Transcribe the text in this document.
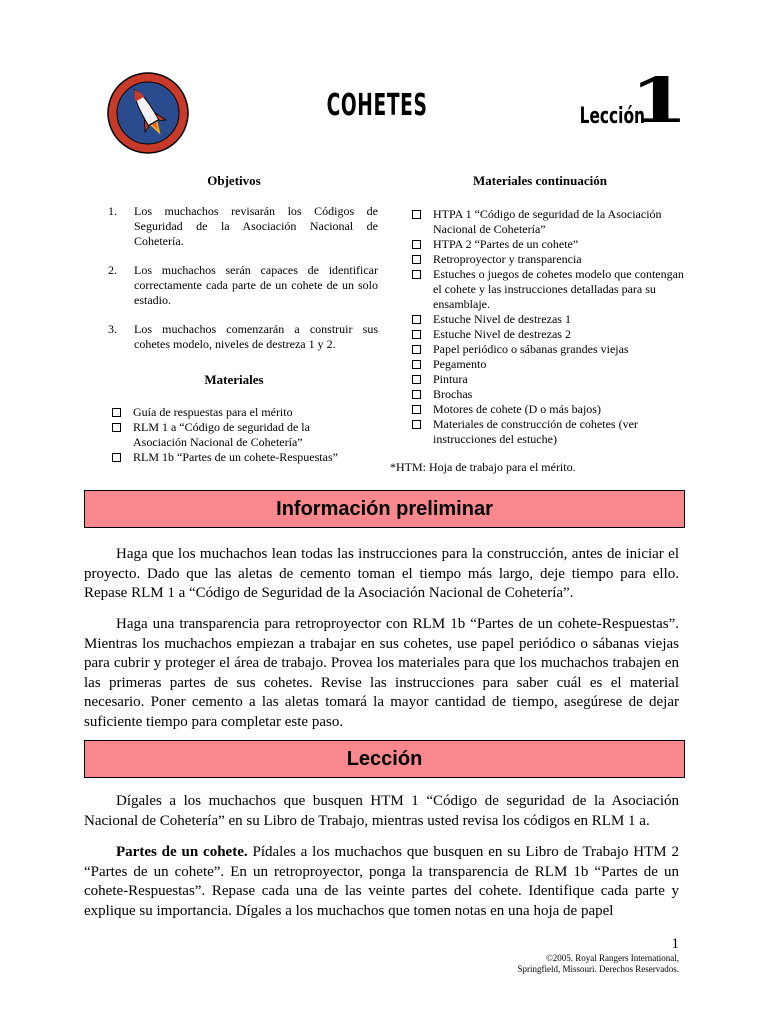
COHETES	Lección
1
Objetivos
1.	Los muchachos revisarán los Códigos de Seguridad de la Asociación Nacional de Cohetería.
2.	Los muchachos serán capaces de identificar correctamente cada parte de un cohete de un solo estadio.
3.	Los muchachos comenzarán a construir sus cohetes modelo, niveles de destreza 1 y 2.
Materiales
Guía de respuestas para el mérito
RLM 1 a “Código de seguridad de la Asociación Nacional de Cohetería”
RLM 1b “Partes de un cohete-Respuestas”
Materiales continuación
HTPA 1 “Código de seguridad de la Asociación Nacional de Cohetería”
HTPA 2 “Partes de un cohete”
Retroproyector y transparencia
Estuches o juegos de cohetes modelo que contengan el cohete y las instrucciones detalladas para su ensamblaje.
Estuche Nivel de destrezas 1
Estuche Nivel de destrezas 2
Papel periódico o sábanas grandes viejas
Pegamento
Pintura
Brochas
Motores de cohete (D o más bajos)
Materiales de construcción de cohetes (ver instrucciones del estuche)
*HTM: Hoja de trabajo para el mérito.
Información preliminar

Haga que los muchachos lean todas las instrucciones para la construcción, antes de iniciar el proyecto. Dado que las aletas de cemento toman el tiempo más largo, deje tiempo para ello. Repase RLM 1 a “Código de Seguridad de la Asociación Nacional de Cohetería”.

Haga una transparencia para retroproyector con RLM 1b “Partes de un cohete-Respuestas”. Mientras los muchachos empiezan a trabajar en sus cohetes, use papel periódico o sábanas viejas para cubrir y proteger el área de trabajo. Provea los materiales para que los muchachos trabajen en las primeras partes de sus cohetes. Revise las instrucciones para saber cuál es el material necesario. Poner cemento a las aletas tomará la mayor cantidad de tiempo, asegúrese de dejar suficiente tiempo para completar este paso.

Lección

Dígales a los muchachos que busquen HTM 1 “Código de seguridad de la Asociación Nacional de Cohetería” en su Libro de Trabajo, mientras usted revisa los códigos en RLM 1 a.

Partes de un cohete. Pídales a los muchachos que busquen en su Libro de Trabajo HTM 2 “Partes de un cohete”. En un retroproyector, ponga la transparencia de RLM 1b “Partes de un cohete-Respuestas”. Repase cada una de las veinte partes del cohete. Identifique cada parte y explique su importancia. Dígales a los muchachos que tomen notas en una hoja de papel

1
©2005. Royal Rangers International,
Springfield, Missouri. Derechos Reservados.
